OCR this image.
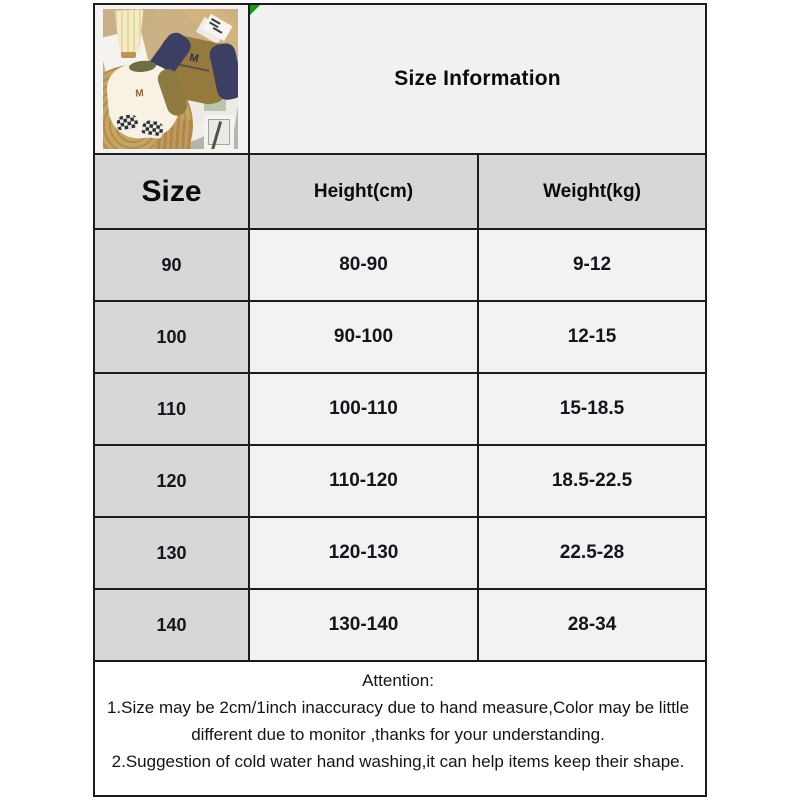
M
M	Size Information	
Size	Height(cm)	Weight(kg)
90	80-90	9-12
100	90-100	12-15
110	100-110	15-18.5
120	110-120	18.5-22.5
130	120-130	22.5-28
140	130-140	28-34

Attention:
1.Size may be 2cm/1inch inaccuracy due to hand measure,Color may be little different due to monitor ,thanks for your understanding.
2.Suggestion of cold water hand washing,it can help items keep their shape.		
